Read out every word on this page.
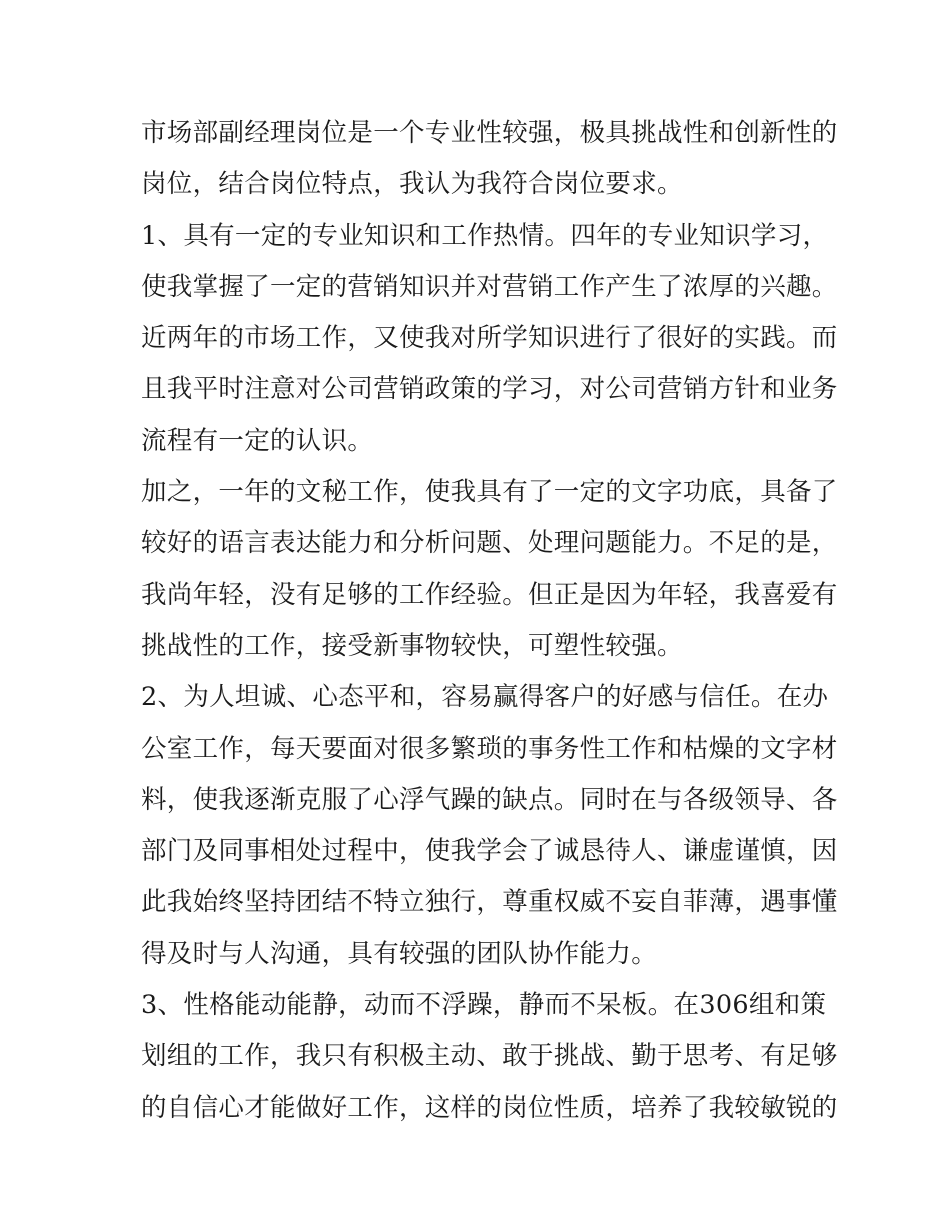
市场部副经理岗位是一个专业性较强，极具挑战性和创新性的
岗位，结合岗位特点，我认为我符合岗位要求。
1、具有一定的专业知识和工作热情。四年的专业知识学习，
使我掌握了一定的营销知识并对营销工作产生了浓厚的兴趣。
近两年的市场工作，又使我对所学知识进行了很好的实践。而
且我平时注意对公司营销政策的学习，对公司营销方针和业务
流程有一定的认识。
加之，一年的文秘工作，使我具有了一定的文字功底，具备了
较好的语言表达能力和分析问题、处理问题能力。不足的是，
我尚年轻，没有足够的工作经验。但正是因为年轻，我喜爱有
挑战性的工作，接受新事物较快，可塑性较强。
2、为人坦诚、心态平和，容易赢得客户的好感与信任。在办
公室工作，每天要面对很多繁琐的事务性工作和枯燥的文字材
料，使我逐渐克服了心浮气躁的缺点。同时在与各级领导、各
部门及同事相处过程中，使我学会了诚恳待人、谦虚谨慎，因
此我始终坚持团结不特立独行，尊重权威不妄自菲薄，遇事懂
得及时与人沟通，具有较强的团队协作能力。
3、性格能动能静，动而不浮躁，静而不呆板。在306组和策
划组的工作，我只有积极主动、敢于挑战、勤于思考、有足够
的自信心才能做好工作，这样的岗位性质，培养了我较敏锐的
